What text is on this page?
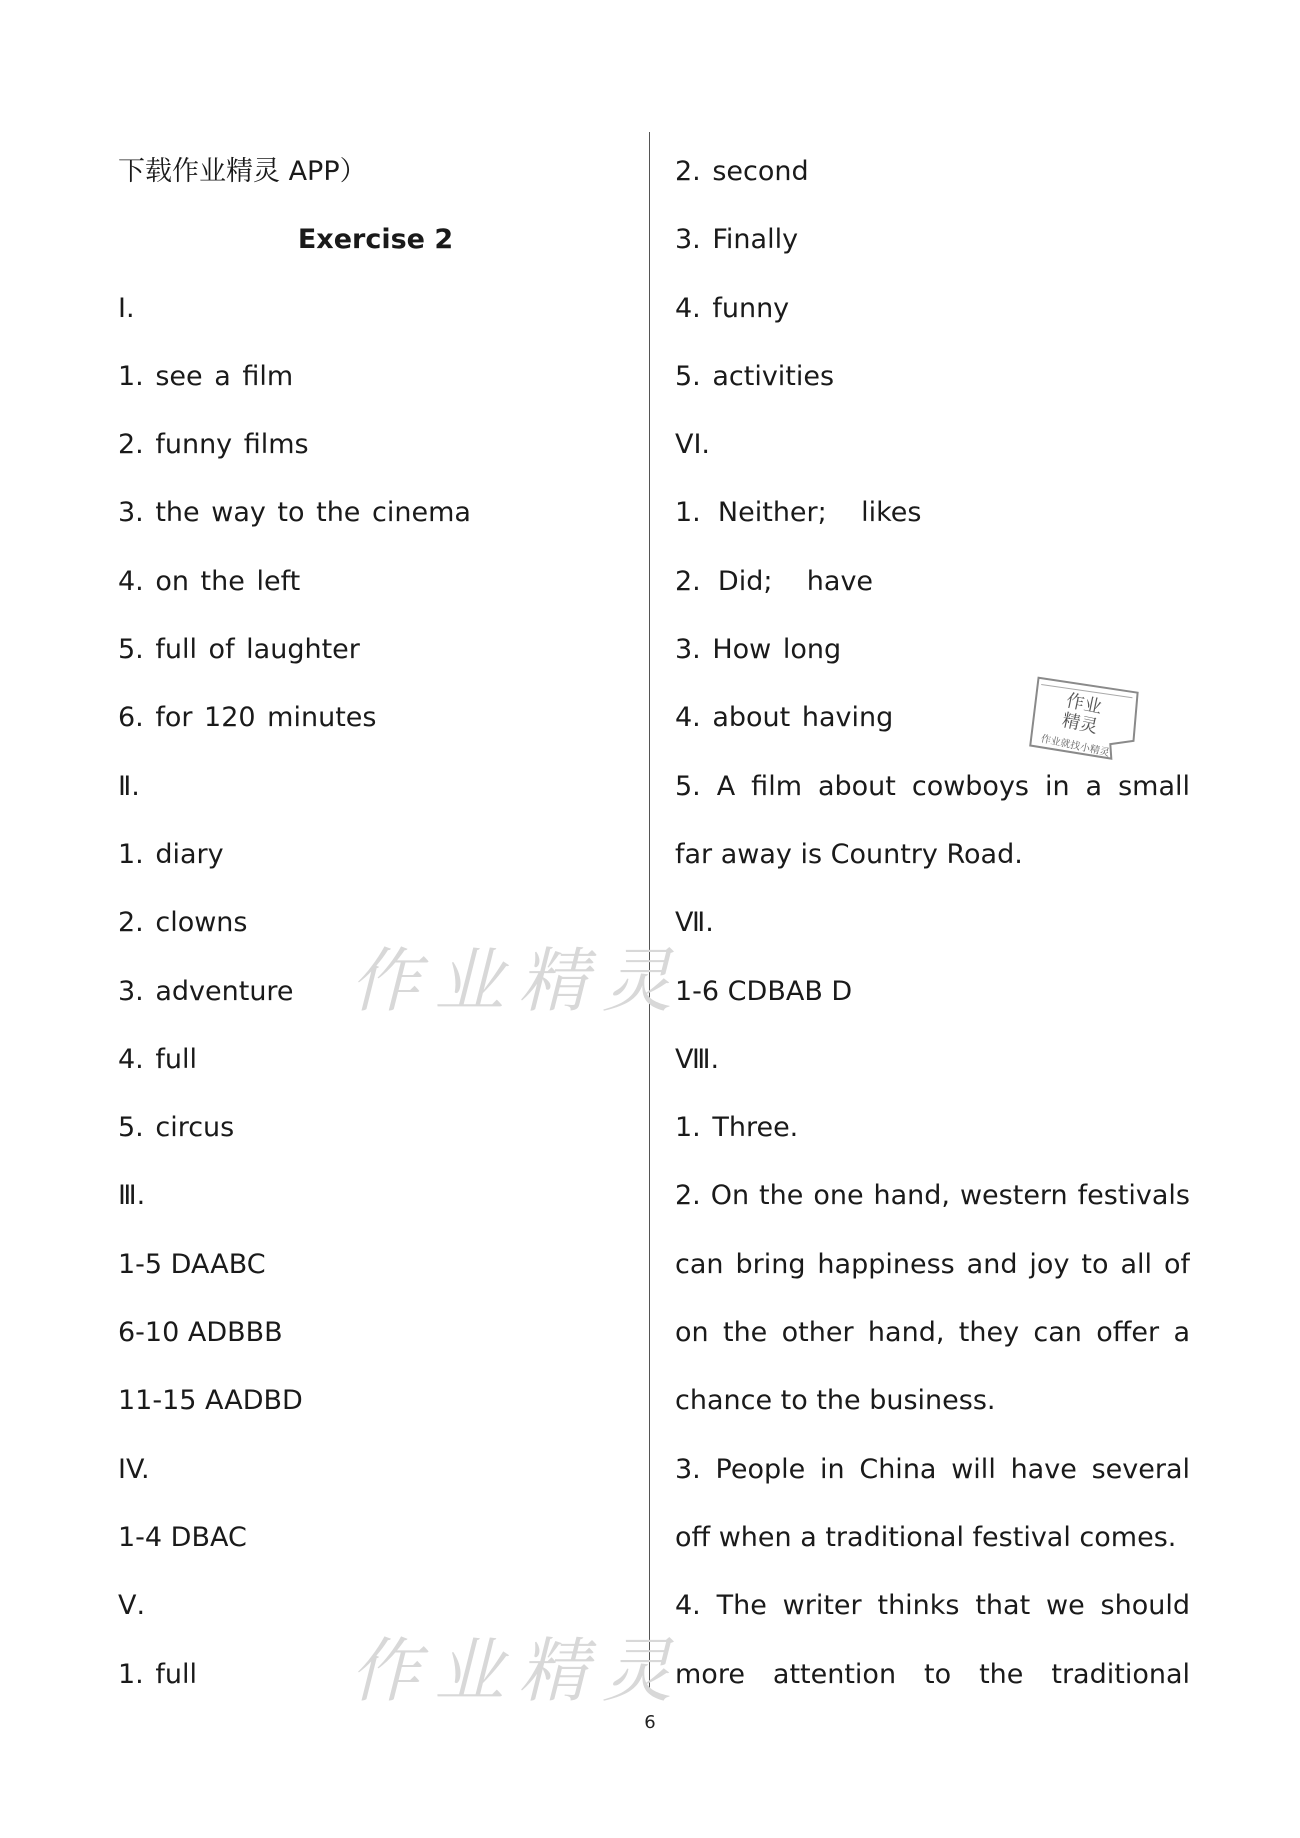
下载作业精灵 APP）
Exercise 2
Ⅰ.
1. see a film
2. funny films
3. the way to the cinema
4. on the left
5. full of laughter
6. for 120 minutes
Ⅱ.
1. diary
2. clowns
3. adventure
4. full
5. circus
Ⅲ.
1-5 DAABC
6-10 ADBBB
11-15 AADBD
IV.
1-4 DBAC
Ⅴ.
1. full
2. second
3. Finally
4. funny
5. activities
VI.
1.  Neither;    likes
2.  Did;    have
3. How long
4. about having
5. A film about cowboys in a small
far away is Country Road.
Ⅶ.
1-6 CDBAB D
Ⅷ.
1. Three.
2. On the one hand, western festivals
can bring happiness and joy to all of
on the other hand, they can offer a
chance to the business.
3. People in China will have several
off when a traditional festival comes.
4. The writer thinks that we should
more attention to the traditional
作业精灵
作业精灵
作业
精灵
作业就找小精灵
6
